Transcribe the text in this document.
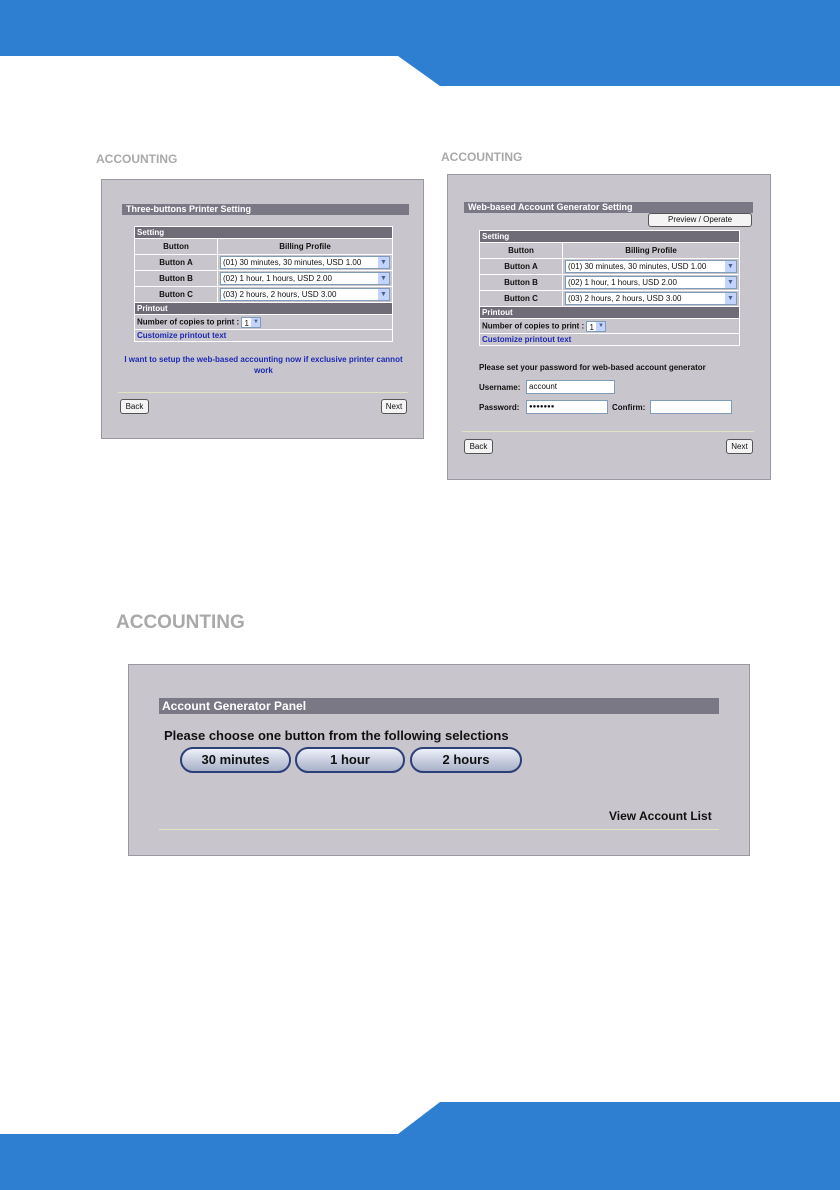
ACCOUNTING
Three-buttons Printer Setting
Setting	
Button	Billing Profile
Button A	(01) 30 minutes, 30 minutes, USD 1.00 ▼

Button B	(02) 1 hour, 1 hours, USD 2.00 ▼

Button C	(03) 2 hours, 2 hours, USD 3.00 ▼

Printout	
Number of copies to print : 1 ▼	

Customize printout text	
I want to setup the web-based accounting now if exclusive printer cannot work
Back	Next
ACCOUNTING
Web-based Account Generator Setting
Preview / Operate
Setting	
Button	Billing Profile
Button A	(01) 30 minutes, 30 minutes, USD 1.00 ▼

Button B	(02) 1 hour, 1 hours, USD 2.00 ▼

Button C	(03) 2 hours, 2 hours, USD 3.00 ▼

Printout	
Number of copies to print : 1 ▼	

Customize printout text	
Please set your password for web-based account generator
Username:	account
Password:	●●●●●●●	Confirm:
Back	Next
ACCOUNTING
Account Generator Panel
Please choose one button from the following selections
30 minutes	1 hour	2 hours
View Account List
